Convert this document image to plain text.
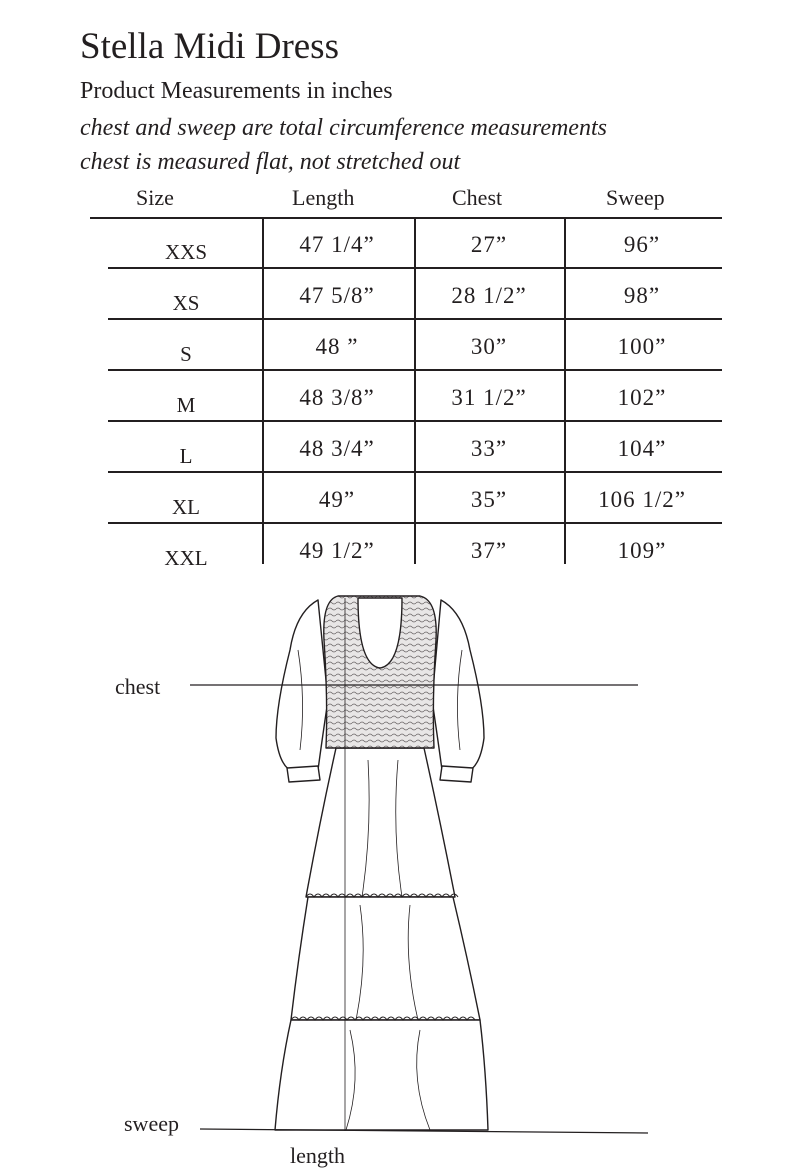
Stella Midi Dress
Product Measurements in inches
chest and sweep are total circumference measurements
chest is measured flat, not stretched out
Size	Length	Chest	Sweep
XXS	47 1/4”	27”	96”
XS	47 5/8”	28 1/2”	98”
S	48 ”	30”	100”
M	48 3/8”	31 1/2”	102”
L	48 3/4”	33”	104”
XL	49”	35”	106 1/2”
XXL	49 1/2”	37”	109”
chest
sweep
length
